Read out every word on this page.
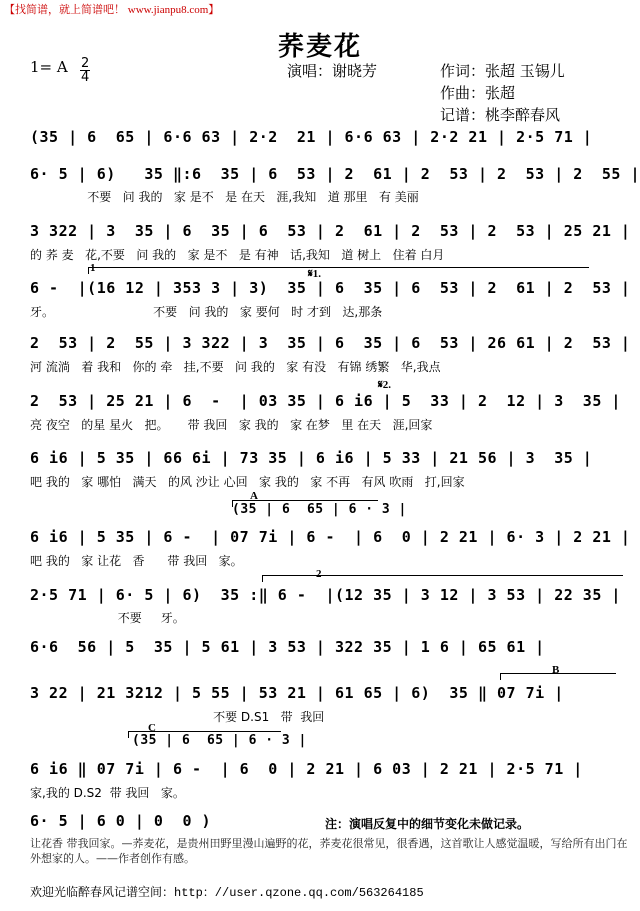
【找简谱，就上简谱吧！ www.jianpu8.com】
荞麦花
1= A 2
4	演唱：谢晓芳	作词：张超 玉锡儿
作曲：张超
记谱：桃李醉春风
(35 | 6  65 | 6·6 63 | 2·2  21 | 6·6 63 | 2·2 21 | 2·5 71 |
6· 5 | 6)   35 ‖:6  35 | 6  53 | 2  61 | 2  53 | 2  53 | 2  55 |
不要   问 我的   家 是不   是 在天   涯,我知   道 那里   有 美丽
3 322 | 3  35 | 6  35 | 6  53 | 2  61 | 2  53 | 2  53 | 25 21 |
的 荞 麦   花,不要   问 我的   家 是不   是 有神   话,我知   道 树上   住着 白月
1	𝄋1.
6 -  |(16 12 | 353 3 | 3)  35 | 6  35 | 6  53 | 2  61 | 2  53 |
牙。                          不要   问 我的   家 要何   时 才到   达,那条
2  53 | 2  55 | 3 322 | 3  35 | 6  35 | 6  53 | 26 61 | 2  53 |
河 流淌   着 我和   你的 牵   挂,不要   问 我的   家 有没   有锦 绣繁   华,我点
𝄋2.
2  53 | 25 21 | 6  -  | 03 35 | 6 i6 | 5  33 | 2  12 | 3  35 |
亮 夜空   的星 星火   把。     带 我回   家 我的   家 在梦   里 在天   涯,回家
6 i6 | 5 35 | 66 6i | 73 35 | 6 i6 | 5 33 | 21 56 | 3  35 |
吧 我的   家 哪怕   满天   的风 沙让 心回   家 我的   家 不再   有风 吹雨   打,回家
A
(35 | 6  65 | 6 · 3 |
6 i6 | 5 35 | 6 -  | 07 7i | 6 -  | 6  0 | 2 21 | 6· 3 | 2 21 |
吧 我的   家 让花   香      带 我回   家。
2
2·5 71 | 6· 5 | 6)  35 :‖ 6 -  |(12 35 | 3 12 | 3 53 | 22 35 |
不要     牙。
6·6  56 | 5  35 | 5 61 | 3 53 | 322 35 | 1 6 | 65 61 |
B
3 22 | 21 3212 | 5 55 | 53 21 | 61 65 | 6)  35 ‖ 07 7i |
不要 D.S1   带  我回
C
(35 | 6  65 | 6 · 3 |
6 i6 ‖ 07 7i | 6 -  | 6  0 | 2 21 | 6 03 | 2 21 | 2·5 71 |
家,我的 D.S2  带 我回   家。
6· 5 | 6 0 | 0  0 )	注：演唱反复中的细节变化未做记录。
让花香 带我回家。—荞麦花，是贵州田野里漫山遍野的花，荞麦花很常见，很香遇，这首歌让人感觉温暖，写给所有出门在外想家的人。——作者创作有感。
欢迎光临醉春风记谱空间：http：//user.qzone.qq.com/563264185
